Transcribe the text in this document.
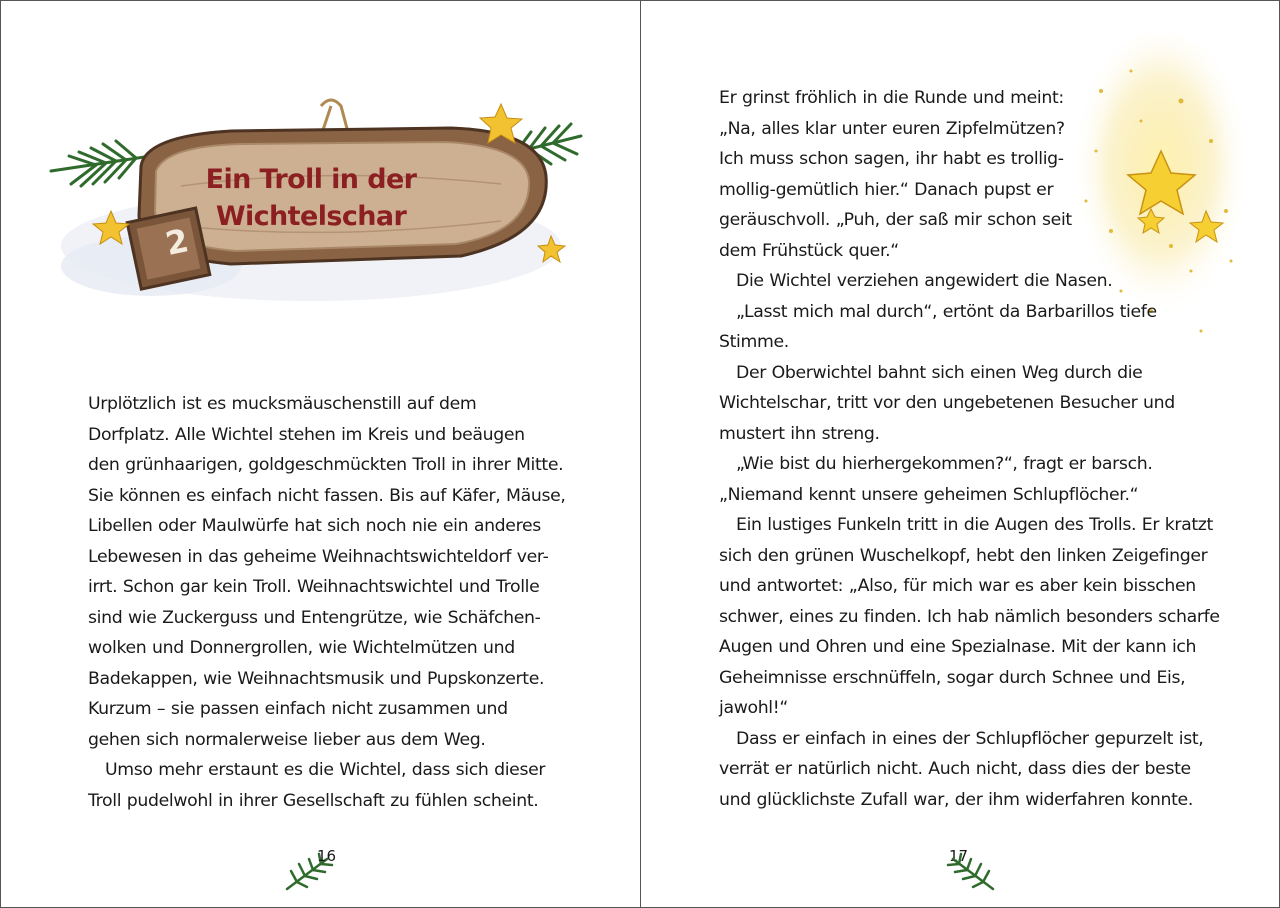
Ein Troll in der
Wichtelschar
2
Urplötzlich ist es mucksmäuschenstill auf dem
Dorfplatz. Alle Wichtel stehen im Kreis und beäugen
den grünhaarigen, goldgeschmückten Troll in ihrer Mitte.
Sie können es einfach nicht fassen. Bis auf Käfer, Mäuse,
Libellen oder Maulwürfe hat sich noch nie ein anderes
Lebewesen in das geheime Weihnachtswichteldorf ver-
irrt. Schon gar kein Troll. Weihnachtswichtel und Trolle
sind wie Zuckerguss und Entengrütze, wie Schäfchen-
wolken und Donnergrollen, wie Wichtelmützen und
Badekappen, wie Weihnachtsmusik und Pupskonzerte.
Kurzum – sie passen einfach nicht zusammen und
gehen sich normalerweise lieber aus dem Weg.
Umso mehr erstaunt es die Wichtel, dass sich dieser
Troll pudelwohl in ihrer Gesellschaft zu fühlen scheint.
16
Er grinst fröhlich in die Runde und meint:
„Na, alles klar unter euren Zipfelmützen?
Ich muss schon sagen, ihr habt es trollig-
mollig-gemütlich hier.“ Danach pupst er
geräuschvoll. „Puh, der saß mir schon seit
dem Frühstück quer.“
Die Wichtel verziehen angewidert die Nasen.
„Lasst mich mal durch“, ertönt da Barbarillos tiefe
Stimme.
Der Oberwichtel bahnt sich einen Weg durch die
Wichtelschar, tritt vor den ungebetenen Besucher und
mustert ihn streng.
„Wie bist du hierhergekommen?“, fragt er barsch.
„Niemand kennt unsere geheimen Schlupflöcher.“
Ein lustiges Funkeln tritt in die Augen des Trolls. Er kratzt
sich den grünen Wuschelkopf, hebt den linken Zeigefinger
und antwortet: „Also, für mich war es aber kein bisschen
schwer, eines zu finden. Ich hab nämlich besonders scharfe
Augen und Ohren und eine Spezialnase. Mit der kann ich
Geheimnisse erschnüffeln, sogar durch Schnee und Eis,
jawohl!“
Dass er einfach in eines der Schlupflöcher gepurzelt ist,
verrät er natürlich nicht. Auch nicht, dass dies der beste
und glücklichste Zufall war, der ihm widerfahren konnte.
17
